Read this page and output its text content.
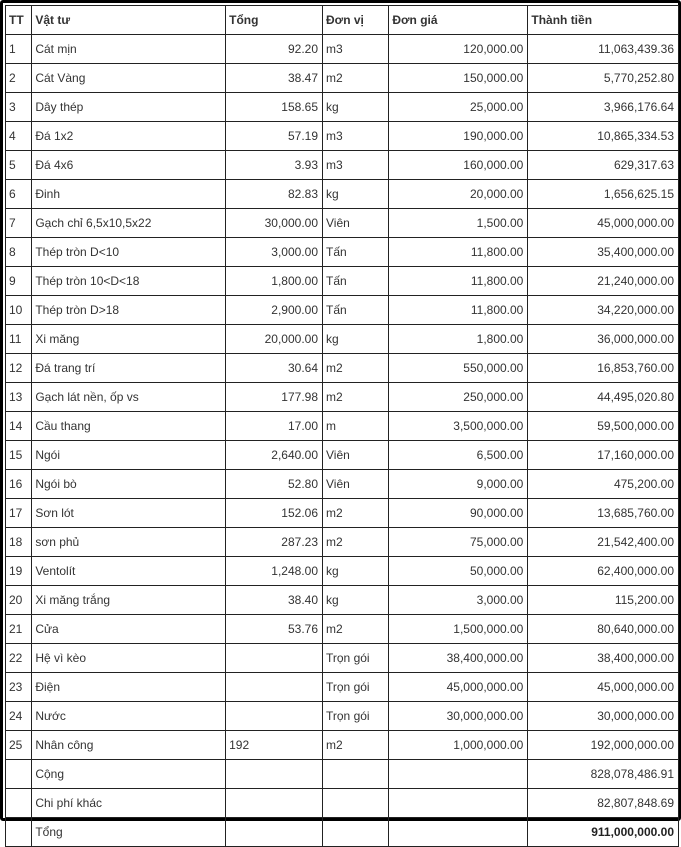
TT	Vật tư	Tổng	Đơn vị	Đơn giá	Thành tiền
1	Cát mịn	92.20	m3	120,000.00	11,063,439.36
2	Cát Vàng	38.47	m2	150,000.00	5,770,252.80
3	Dây thép	158.65	kg	25,000.00	3,966,176.64
4	Đá 1x2	57.19	m3	190,000.00	10,865,334.53
5	Đá 4x6	3.93	m3	160,000.00	629,317.63
6	Đinh	82.83	kg	20,000.00	1,656,625.15
7	Gạch chỉ 6,5x10,5x22	30,000.00	Viên	1,500.00	45,000,000.00
8	Thép tròn D<10	3,000.00	Tấn	11,800.00	35,400,000.00
9	Thép tròn 10<D<18	1,800.00	Tấn	11,800.00	21,240,000.00
10	Thép tròn D>18	2,900.00	Tấn	11,800.00	34,220,000.00
11	Xi măng	20,000.00	kg	1,800.00	36,000,000.00
12	Đá trang trí	30.64	m2	550,000.00	16,853,760.00
13	Gạch lát nền, ốp vs	177.98	m2	250,000.00	44,495,020.80
14	Cầu thang	17.00	m	3,500,000.00	59,500,000.00
15	Ngói	2,640.00	Viên	6,500.00	17,160,000.00
16	Ngói bò	52.80	Viên	9,000.00	475,200.00
17	Sơn lót	152.06	m2	90,000.00	13,685,760.00
18	sơn phủ	287.23	m2	75,000.00	21,542,400.00
19	Ventolít	1,248.00	kg	50,000.00	62,400,000.00
20	Xi măng trắng	38.40	kg	3,000.00	115,200.00
21	Cửa	53.76	m2	1,500,000.00	80,640,000.00
22	Hệ vì kèo		Trọn gói	38,400,000.00	38,400,000.00
23	Điện		Trọn gói	45,000,000.00	45,000,000.00
24	Nước		Trọn gói	30,000,000.00	30,000,000.00
25	Nhân công	192	m2	1,000,000.00	192,000,000.00
	Cộng				828,078,486.91
	Chi phí khác				82,807,848.69
	Tổng				911,000,000.00
